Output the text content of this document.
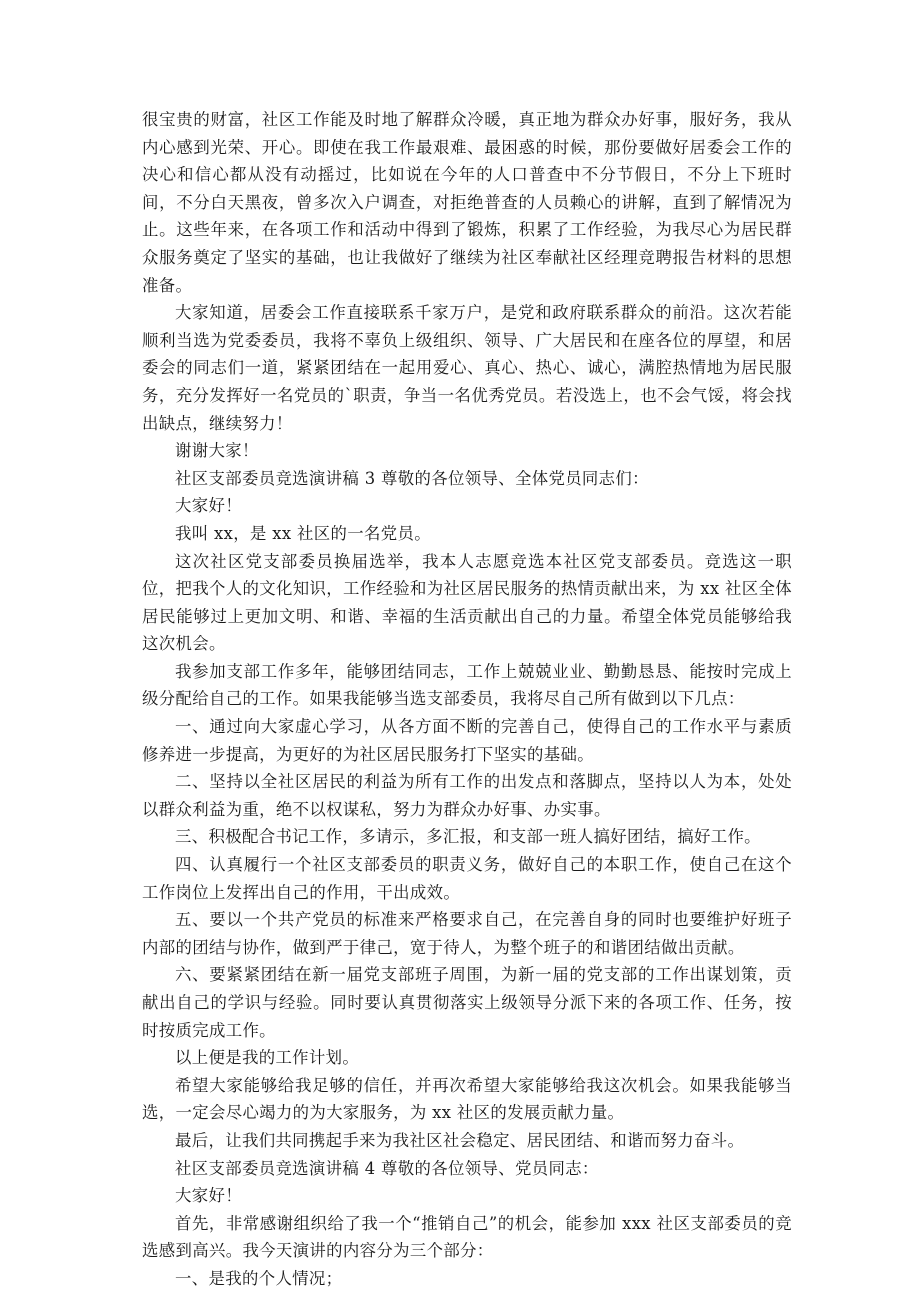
很宝贵的财富，社区工作能及时地了解群众冷暖，真正地为群众办好事，服好务，我从内心感到光荣、开心。即使在我工作最艰难、最困惑的时候，那份要做好居委会工作的决心和信心都从没有动摇过，比如说在今年的人口普查中不分节假日，不分上下班时间，不分白天黑夜，曾多次入户调查，对拒绝普查的人员赖心的讲解，直到了解情况为止。这些年来，在各项工作和活动中得到了锻炼，积累了工作经验，为我尽心为居民群众服务奠定了坚实的基础，也让我做好了继续为社区奉献社区经理竞聘报告材料的思想准备。

大家知道，居委会工作直接联系千家万户，是党和政府联系群众的前沿。这次若能顺利当选为党委委员，我将不辜负上级组织、领导、广大居民和在座各位的厚望，和居委会的同志们一道，紧紧团结在一起用爱心、真心、热心、诚心，满腔热情地为居民服务，充分发挥好一名党员的`职责，争当一名优秀党员。若没选上，也不会气馁，将会找出缺点，继续努力！

谢谢大家！

社区支部委员竞选演讲稿 3 尊敬的各位领导、全体党员同志们：

大家好！

我叫 xx，是 xx 社区的一名党员。

这次社区党支部委员换届选举，我本人志愿竞选本社区党支部委员。竞选这一职位，把我个人的文化知识，工作经验和为社区居民服务的热情贡献出来，为 xx 社区全体居民能够过上更加文明、和谐、幸福的生活贡献出自己的力量。希望全体党员能够给我这次机会。

我参加支部工作多年，能够团结同志，工作上兢兢业业、勤勤恳恳、能按时完成上级分配给自己的工作。如果我能够当选支部委员，我将尽自己所有做到以下几点：

一、通过向大家虚心学习，从各方面不断的完善自己，使得自己的工作水平与素质修养进一步提高，为更好的为社区居民服务打下坚实的基础。

二、坚持以全社区居民的利益为所有工作的出发点和落脚点，坚持以人为本，处处以群众利益为重，绝不以权谋私，努力为群众办好事、办实事。

三、积极配合书记工作，多请示，多汇报，和支部一班人搞好团结，搞好工作。

四、认真履行一个社区支部委员的职责义务，做好自己的本职工作，使自己在这个工作岗位上发挥出自己的作用，干出成效。

五、要以一个共产党员的标准来严格要求自己，在完善自身的同时也要维护好班子内部的团结与协作，做到严于律己，宽于待人，为整个班子的和谐团结做出贡献。

六、要紧紧团结在新一届党支部班子周围，为新一届的党支部的工作出谋划策，贡献出自己的学识与经验。同时要认真贯彻落实上级领导分派下来的各项工作、任务，按时按质完成工作。

以上便是我的工作计划。

希望大家能够给我足够的信任，并再次希望大家能够给我这次机会。如果我能够当选，一定会尽心竭力的为大家服务，为 xx 社区的发展贡献力量。

最后，让我们共同携起手来为我社区社会稳定、居民团结、和谐而努力奋斗。

社区支部委员竞选演讲稿 4 尊敬的各位领导、党员同志：

大家好！

首先，非常感谢组织给了我一个“推销自己”的机会，能参加 xxx 社区支部委员的竞选感到高兴。我今天演讲的内容分为三个部分：

一、是我的个人情况；
